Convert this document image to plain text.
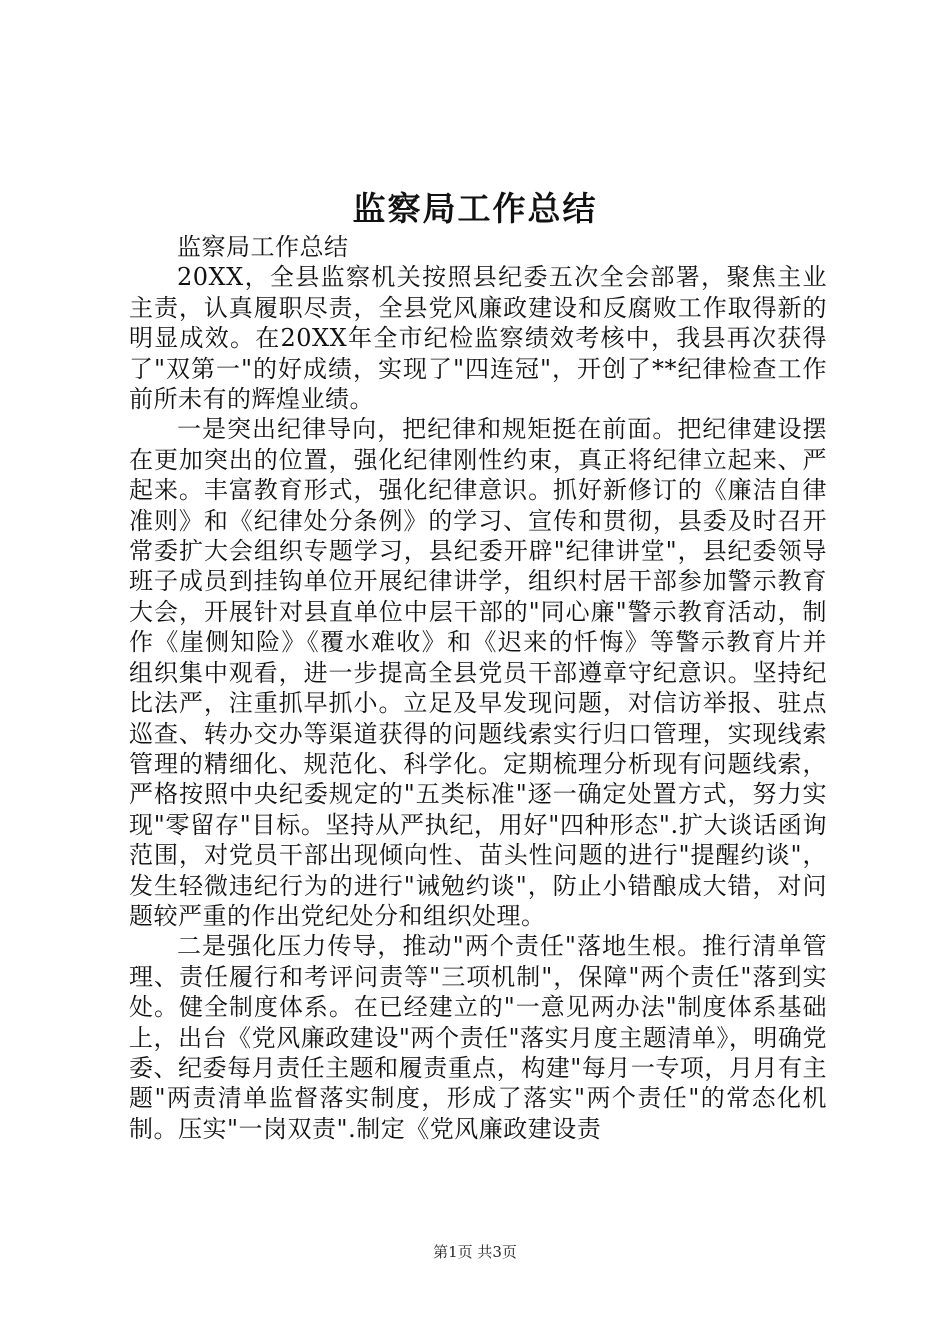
监察局工作总结

监察局工作总结

20XX，全县监察机关按照县纪委五次全会部署，聚焦主业主责，认真履职尽责，全县党风廉政建设和反腐败工作取得新的明显成效。在20XX年全市纪检监察绩效考核中，我县再次获得了"双第一"的好成绩，实现了"四连冠"，开创了**纪律检查工作前所未有的辉煌业绩。

一是突出纪律导向，把纪律和规矩挺在前面。把纪律建设摆在更加突出的位置，强化纪律刚性约束，真正将纪律立起来、严起来。丰富教育形式，强化纪律意识。抓好新修订的《廉洁自律准则》和《纪律处分条例》的学习、宣传和贯彻，县委及时召开常委扩大会组织专题学习，县纪委开辟"纪律讲堂"，县纪委领导班子成员到挂钩单位开展纪律讲学，组织村居干部参加警示教育大会，开展针对县直单位中层干部的"同心廉"警示教育活动，制作《崖侧知险》《覆水难收》和《迟来的忏悔》等警示教育片并组织集中观看，进一步提高全县党员干部遵章守纪意识。坚持纪比法严，注重抓早抓小。立足及早发现问题，对信访举报、驻点巡查、转办交办等渠道获得的问题线索实行归口管理，实现线索管理的精细化、规范化、科学化。定期梳理分析现有问题线索，严格按照中央纪委规定的"五类标准"逐一确定处置方式，努力实现"零留存"目标。坚持从严执纪，用好"四种形态".扩大谈话函询范围，对党员干部出现倾向性、苗头性问题的进行"提醒约谈"，发生轻微违纪行为的进行"诫勉约谈"，防止小错酿成大错，对问题较严重的作出党纪处分和组织处理。

二是强化压力传导，推动"两个责任"落地生根。推行清单管理、责任履行和考评问责等"三项机制"，保障"两个责任"落到实处。健全制度体系。在已经建立的"一意见两办法"制度体系基础上，出台《党风廉政建设"两个责任"落实月度主题清单》，明确党委、纪委每月责任主题和履责重点，构建"每月一专项，月月有主题"两责清单监督落实制度，形成了落实"两个责任"的常态化机制。压实"一岗双责".制定《党风廉政建设责

第1页 共3页
